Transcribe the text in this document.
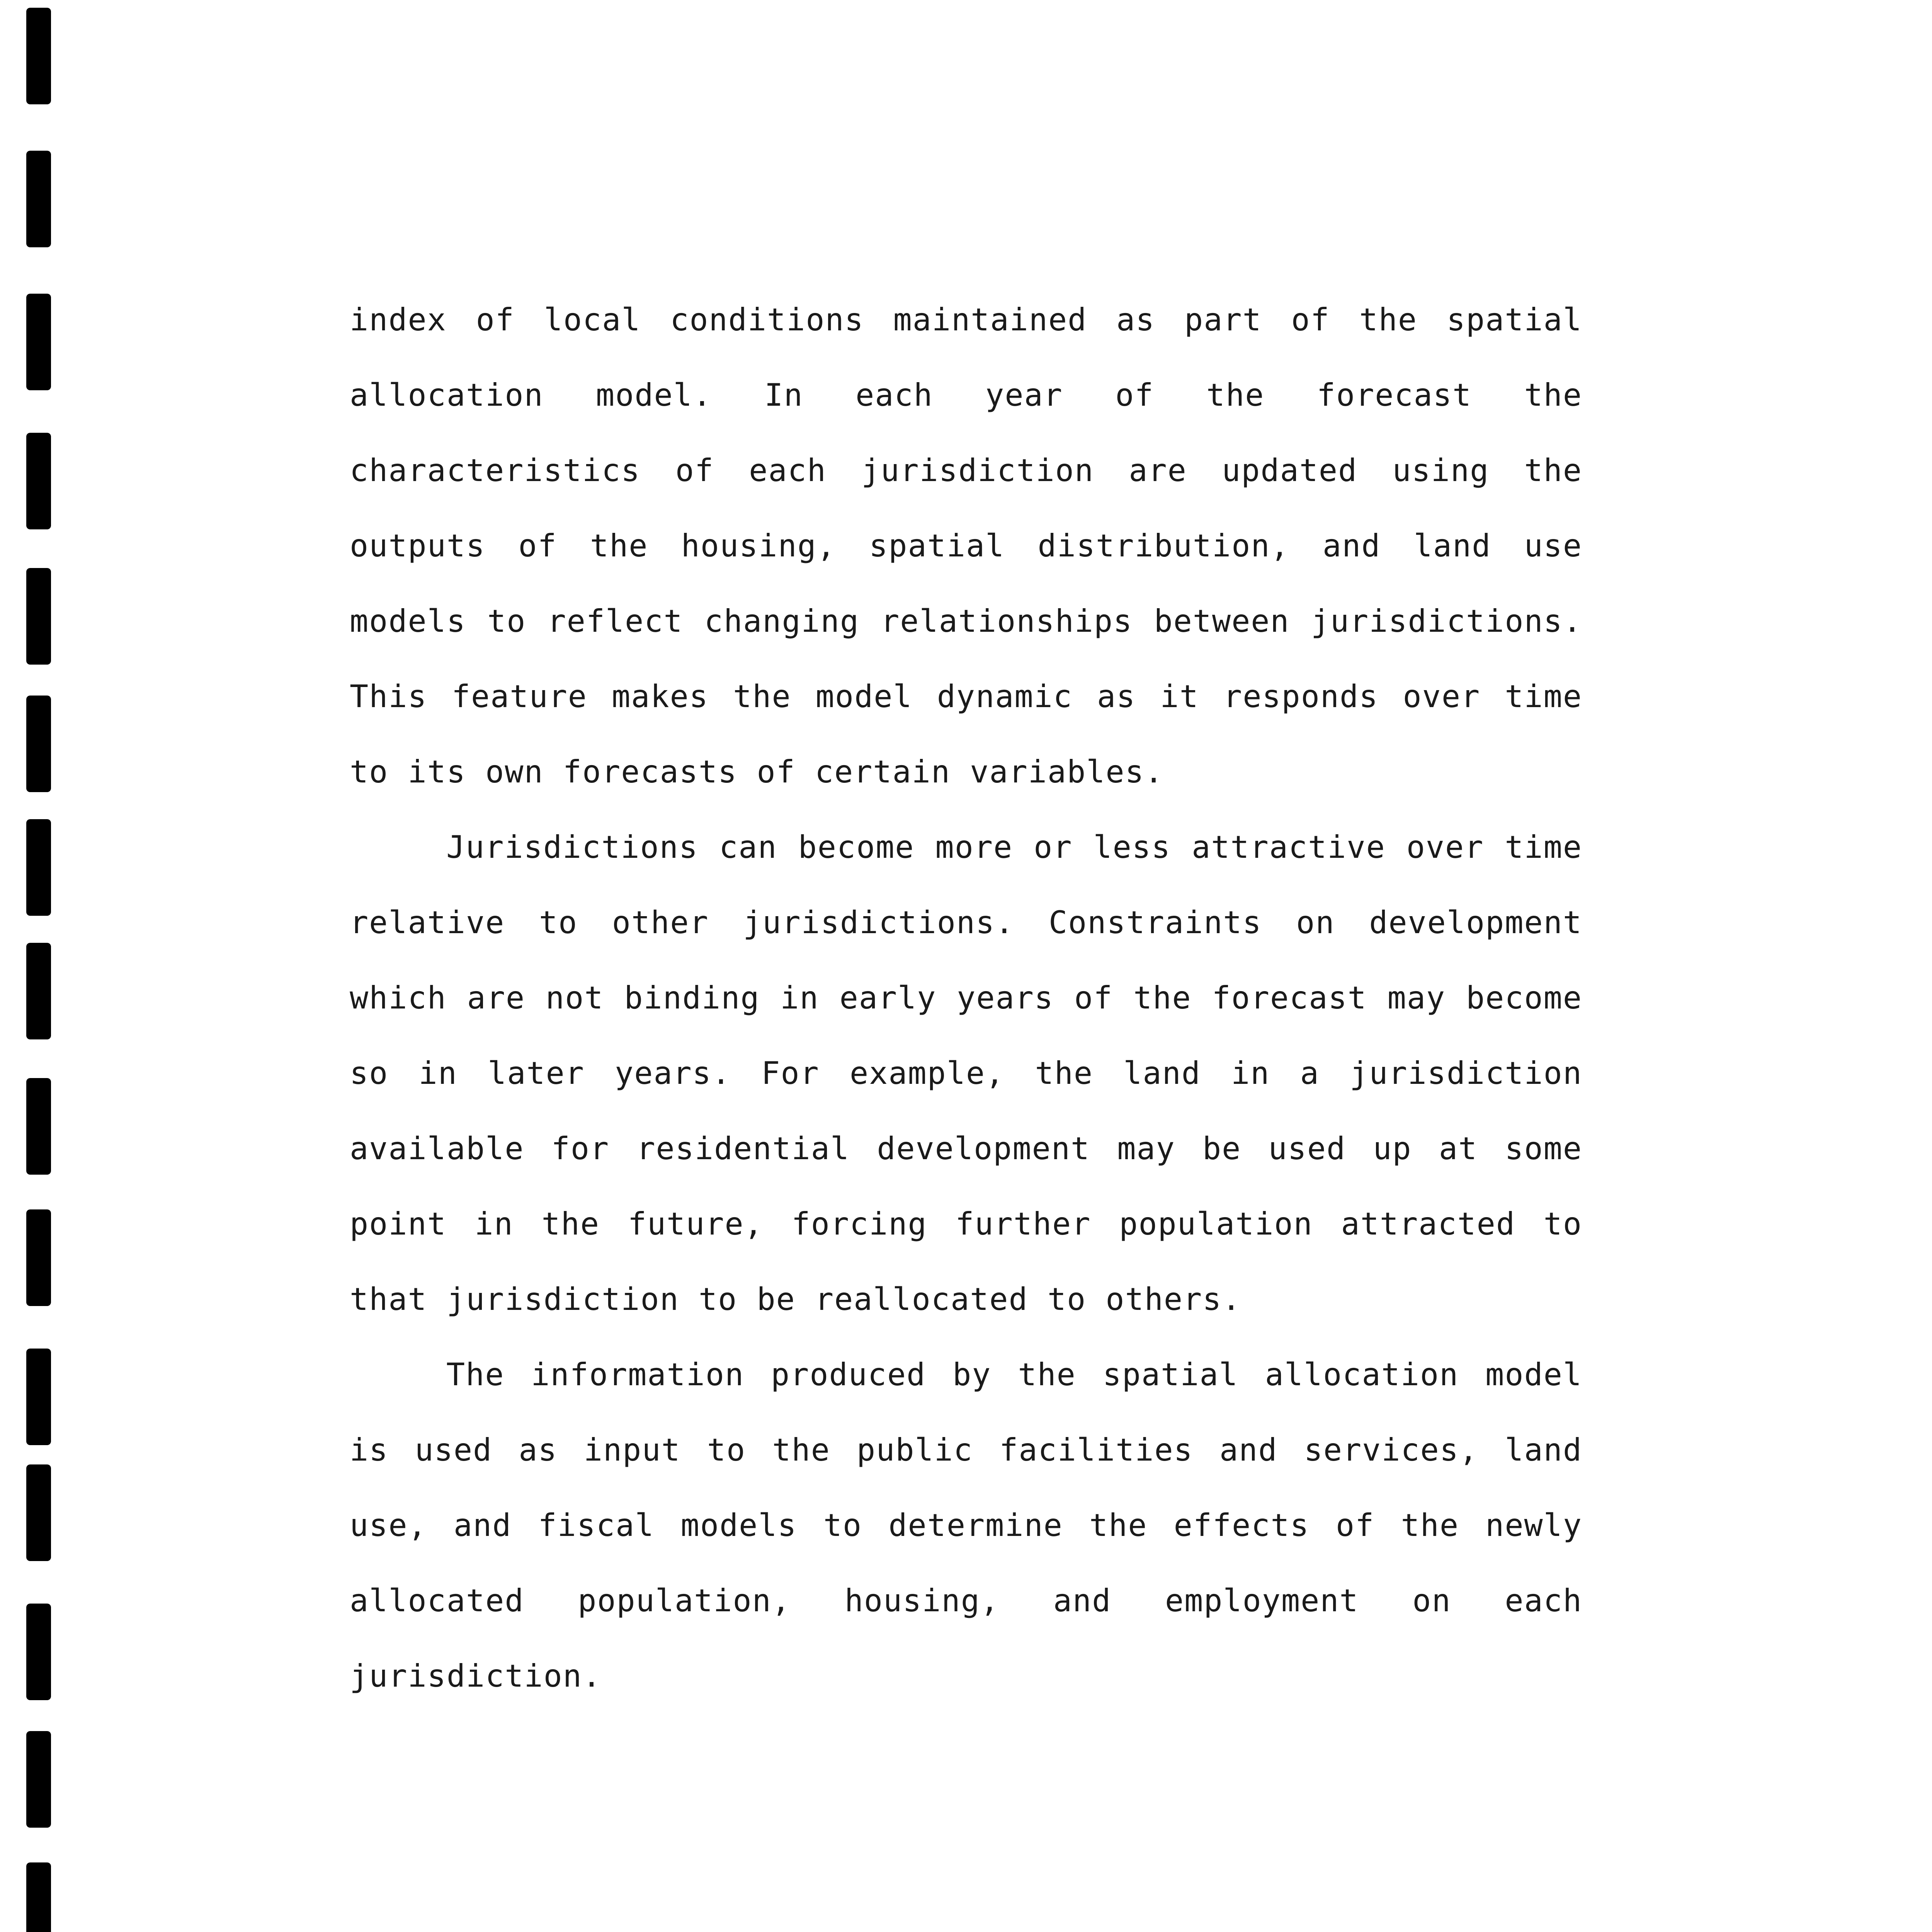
index of local conditions maintained as part of the spatial allocation model. In each year of the forecast the characteristics of each jurisdiction are updated using the outputs of the housing, spatial distribution, and land use models to reflect changing relationships between jurisdictions. This feature makes the model dynamic as it responds over time to its own forecasts of certain variables.

Jurisdictions can become more or less attractive over time relative to other jurisdictions. Constraints on development which are not binding in early years of the forecast may become so in later years. For example, the land in a jurisdiction available for residential development may be used up at some point in the future, forcing further population attracted to that jurisdiction to be reallocated to others.

The information produced by the spatial allocation model is used as input to the public facilities and services, land use, and fiscal models to determine the effects of the newly allocated population, housing, and employment on each jurisdiction.
